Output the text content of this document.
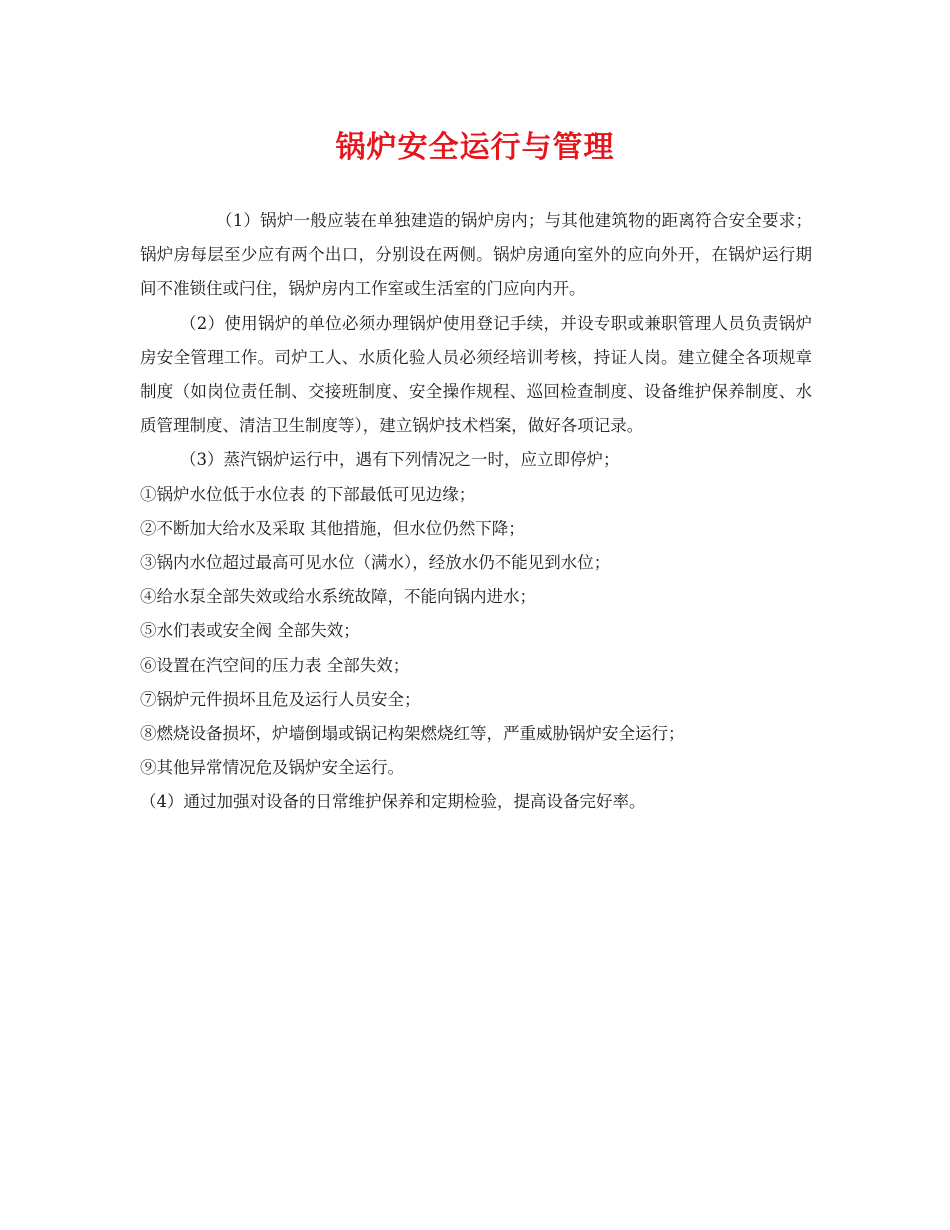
锅炉安全运行与管理

（1）锅炉一般应装在单独建造的锅炉房内；与其他建筑物的距离符合安全要求；锅炉房每层至少应有两个出口，分别设在两侧。锅炉房通向室外的应向外开，在锅炉运行期间不准锁住或闩住，锅炉房内工作室或生活室的门应向内开。

（2）使用锅炉的单位必须办理锅炉使用登记手续，并设专职或兼职管理人员负责锅炉房安全管理工作。司炉工人、水质化验人员必须经培训考核，持证人岗。建立健全各项规章制度（如岗位责任制、交接班制度、安全操作规程、巡回检查制度、设备维护保养制度、水质管理制度、清洁卫生制度等），建立锅炉技术档案，做好各项记录。

（3）蒸汽锅炉运行中，遇有下列情况之一时，应立即停炉；

①锅炉水位低于水位表 的下部最低可见边缘；

②不断加大给水及采取 其他措施，但水位仍然下降；

③锅内水位超过最高可见水位（满水），经放水仍不能见到水位；

④给水泵全部失效或给水系统故障，不能向锅内进水；

⑤水们表或安全阀 全部失效；

⑥设置在汽空间的压力表 全部失效；

⑦锅炉元件损坏且危及运行人员安全；

⑧燃烧设备损坏，炉墙倒塌或锅记构架燃烧红等，严重威胁锅炉安全运行；

⑨其他异常情况危及锅炉安全运行。

（4）通过加强对设备的日常维护保养和定期检验，提高设备完好率。
